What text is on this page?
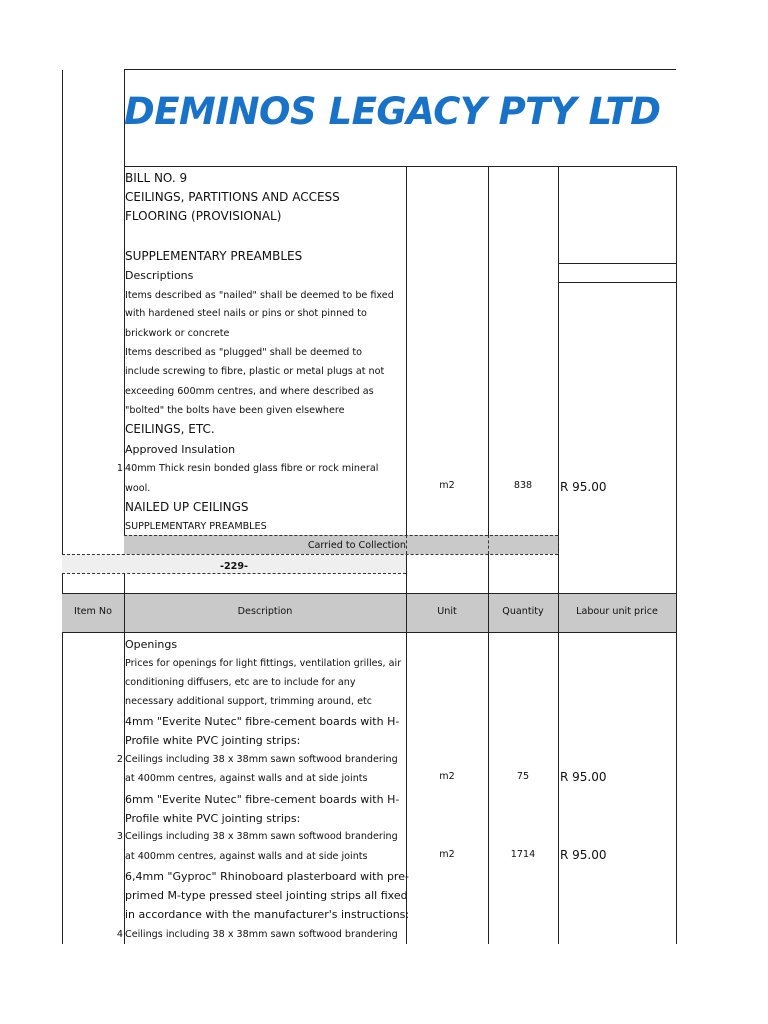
DEMINOS LEGACY PTY LTD
BILL NO. 9
CEILINGS, PARTITIONS AND ACCESS
FLOORING (PROVISIONAL)
SUPPLEMENTARY PREAMBLES
Descriptions
Items described as "nailed" shall be deemed to be fixed
with hardened steel nails or pins or shot pinned to
brickwork or concrete
Items described as "plugged" shall be deemed to
include screwing to fibre, plastic or metal plugs at not
exceeding 600mm centres, and where described as
"bolted" the bolts have been given elsewhere
CEILINGS, ETC.
Approved Insulation
1 40mm Thick resin bonded glass fibre or rock mineral
wool.	m2	838	R 95.00
NAILED UP CEILINGS
SUPPLEMENTARY PREAMBLES
Carried to Collection
-229-
Item No	Description	Unit	Quantity	Labour unit price
Openings
Prices for openings for light fittings, ventilation grilles, air
conditioning diffusers, etc are to include for any
necessary additional support, trimming around, etc
4mm "Everite Nutec" fibre-cement boards with H-
Profile white PVC jointing strips:
2 Ceilings including 38 x 38mm sawn softwood brandering
at 400mm centres, against walls and at side joints	m2	75	R 95.00
6mm "Everite Nutec" fibre-cement boards with H-
Profile white PVC jointing strips:
3 Ceilings including 38 x 38mm sawn softwood brandering
at 400mm centres, against walls and at side joints	m2	1714	R 95.00
6,4mm "Gyproc" Rhinoboard plasterboard with pre-
primed M-type pressed steel jointing strips all fixed
in accordance with the manufacturer's instructions:
4 Ceilings including 38 x 38mm sawn softwood brandering
